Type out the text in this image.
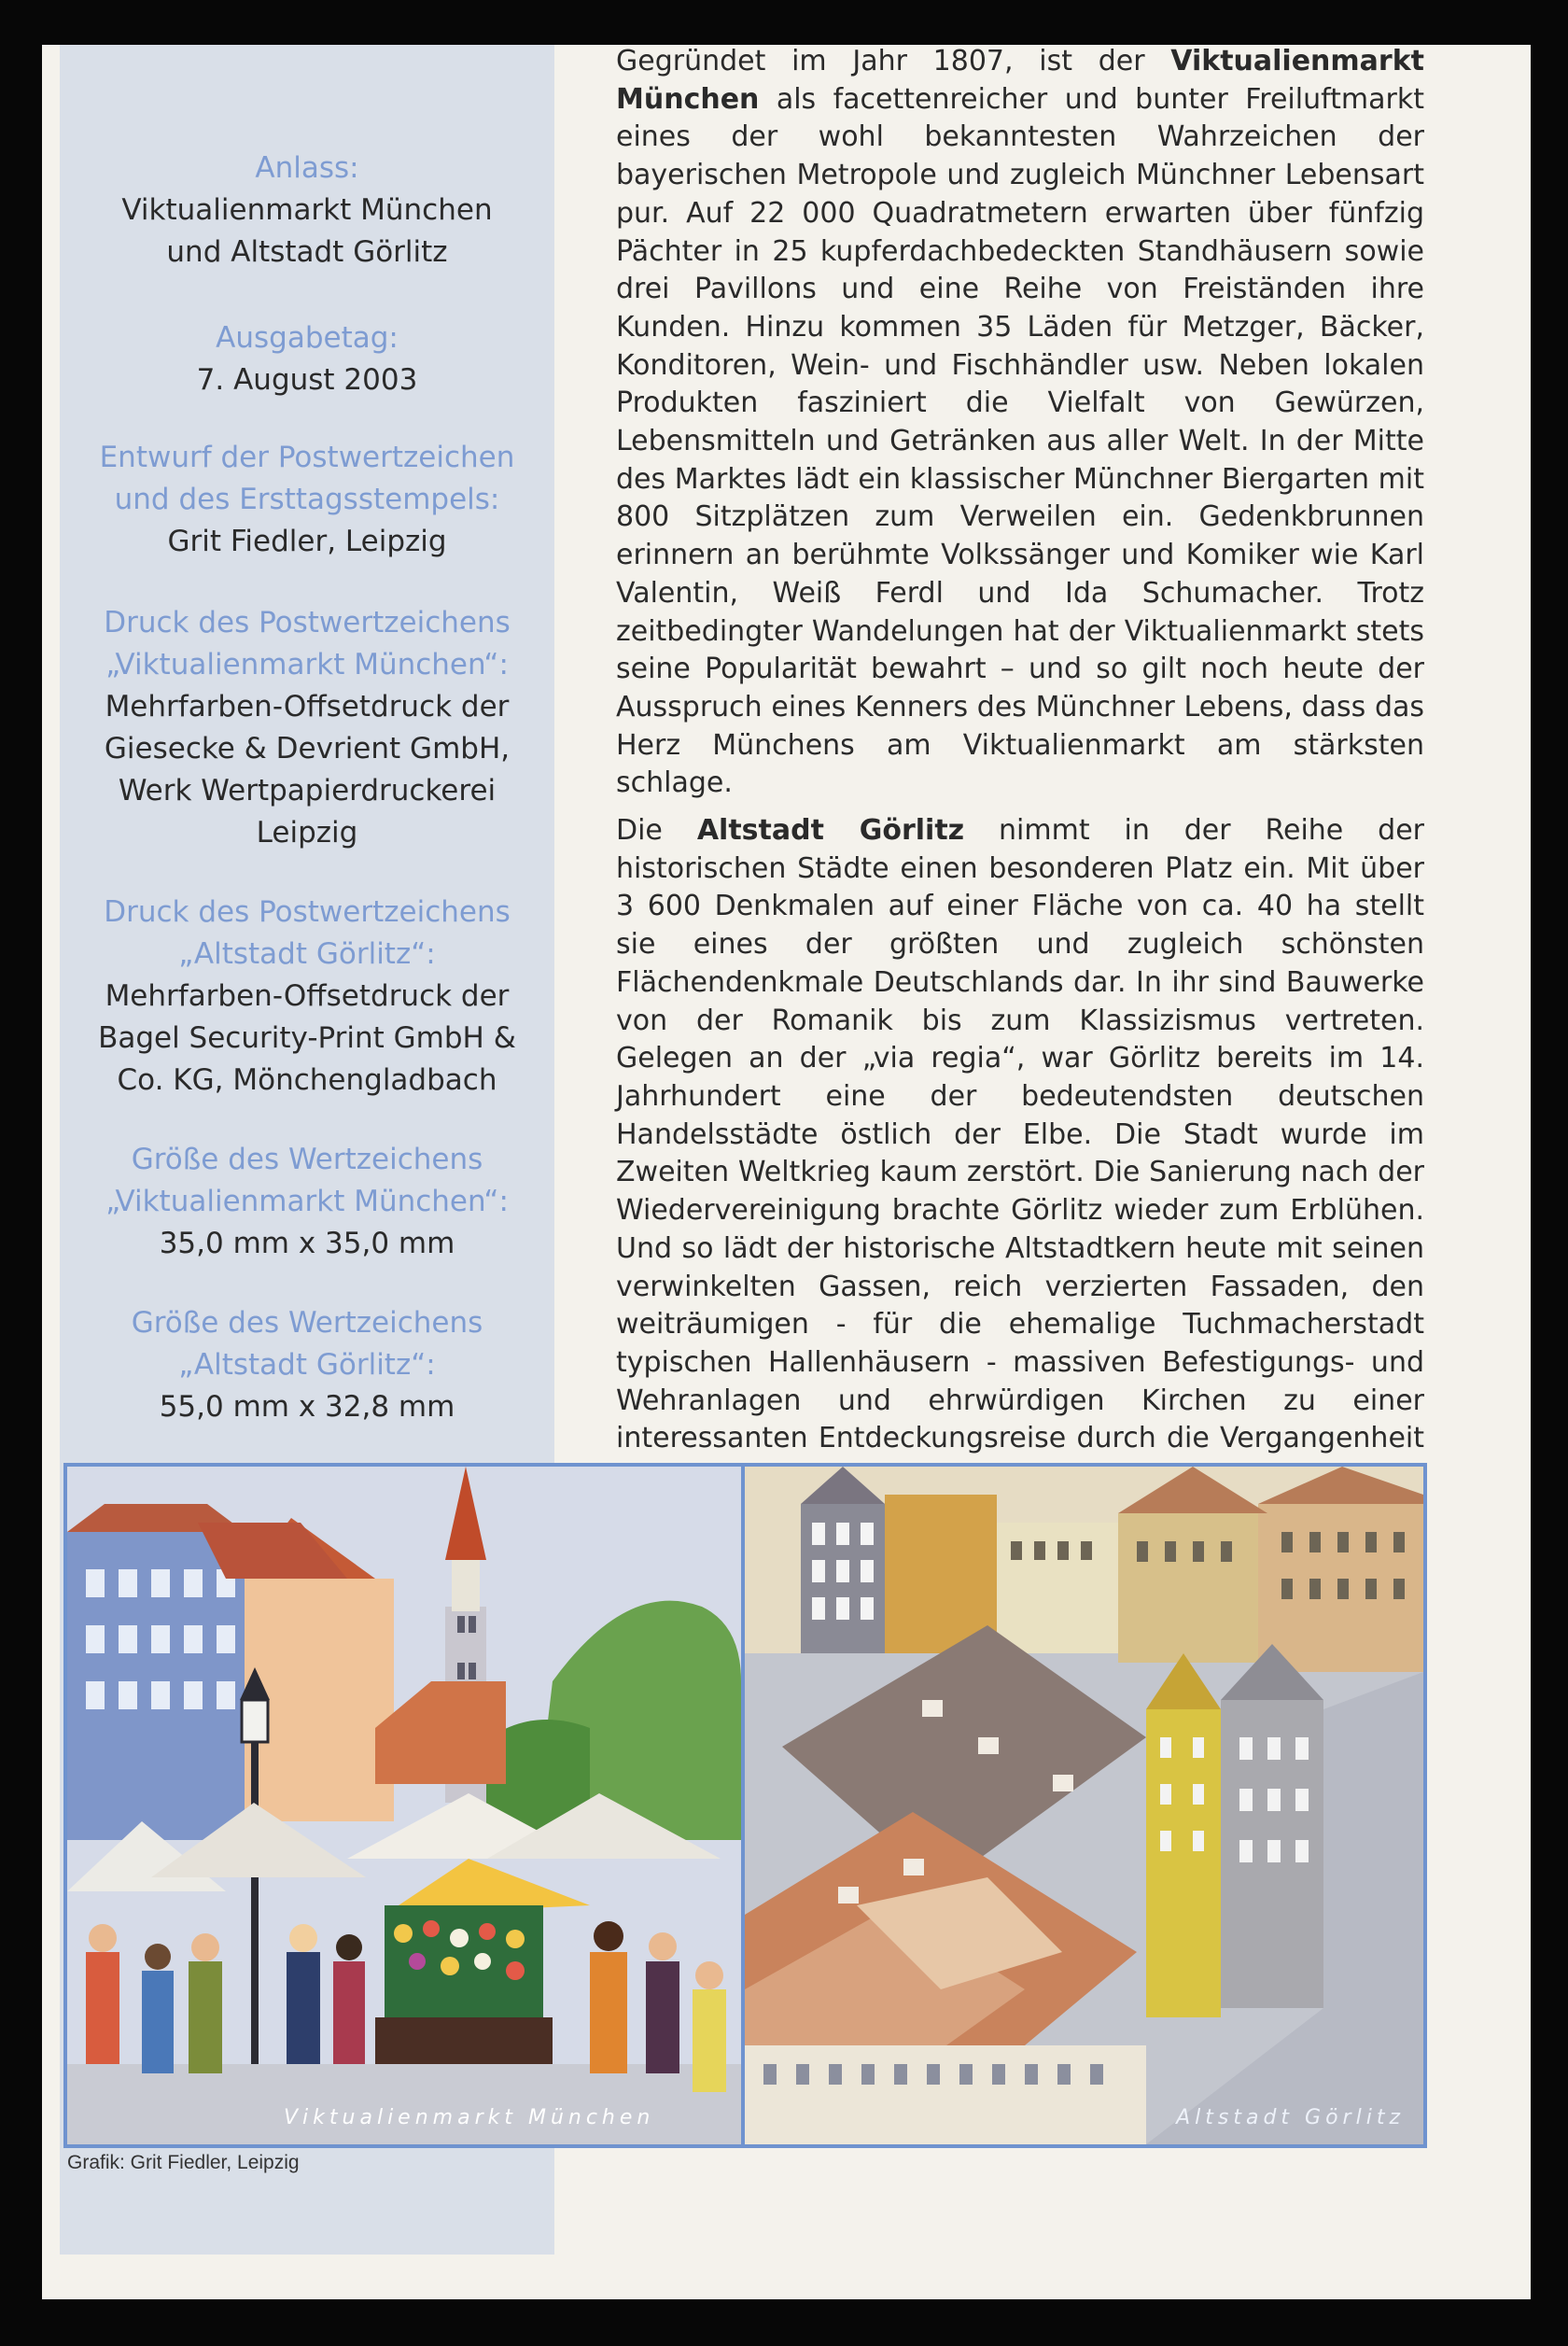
Anlass:
Viktualienmarkt München
und Altstadt Görlitz
Ausgabetag:
7. August 2003
Entwurf der Postwertzeichen
und des Ersttagsstempels:
Grit Fiedler, Leipzig
Druck des Postwertzeichens
„Viktualienmarkt München“:
Mehrfarben-Offsetdruck der
Giesecke & Devrient GmbH,
Werk Wertpapierdruckerei
Leipzig
Druck des Postwertzeichens
„Altstadt Görlitz“:
Mehrfarben-Offsetdruck der
Bagel Security-Print GmbH &
Co. KG, Mönchengladbach
Größe des Wertzeichens
„Viktualienmarkt München“:
35,0 mm x 35,0 mm
Größe des Wertzeichens
„Altstadt Görlitz“:
55,0 mm x 32,8 mm

Gegründet im Jahr 1807, ist der Viktualienmarkt München als facettenreicher und bunter Freiluftmarkt eines der wohl bekanntesten Wahrzeichen der bayerischen Metropole und zugleich Münchner Lebensart pur. Auf 22 000 Quadratmetern erwarten über fünfzig Pächter in 25 kupferdachbedeckten Standhäusern sowie drei Pavillons und eine Reihe von Freiständen ihre Kunden. Hinzu kommen 35 Läden für Metzger, Bäcker, Konditoren, Wein- und Fischhändler usw. Neben lokalen Produkten fasziniert die Vielfalt von Gewürzen, Lebensmitteln und Getränken aus aller Welt. In der Mitte des Marktes lädt ein klassischer Münchner Biergarten mit 800 Sitzplätzen zum Verweilen ein. Gedenkbrunnen erinnern an berühmte Volkssänger und Komiker wie Karl Valentin, Weiß Ferdl und Ida Schumacher. Trotz zeitbedingter Wandelungen hat der Viktualienmarkt stets seine Popularität bewahrt – und so gilt noch heute der Ausspruch eines Kenners des Münchner Lebens, dass das Herz Münchens am Viktualienmarkt am stärksten schlage.

Die Altstadt Görlitz nimmt in der Reihe der historischen Städte einen besonderen Platz ein. Mit über 3 600 Denkmalen auf einer Fläche von ca. 40 ha stellt sie eines der größten und zugleich schönsten Flächendenkmale Deutschlands dar. In ihr sind Bauwerke von der Romanik bis zum Klassizismus vertreten. Gelegen an der „via regia“, war Görlitz bereits im 14. Jahrhundert eine der bedeutendsten deutschen Handelsstädte östlich der Elbe. Die Stadt wurde im Zweiten Weltkrieg kaum zerstört. Die Sanierung nach der Wiedervereinigung brachte Görlitz wieder zum Erblühen. Und so lädt der historische Altstadtkern heute mit seinen verwinkelten Gassen, reich verzierten Fassaden, den weiträumigen - für die ehemalige Tuchmacherstadt typischen Hallenhäusern - massiven Befestigungs- und Wehranlagen und ehrwürdigen Kirchen zu einer interessanten Entdeckungsreise durch die Vergangenheit

Viktualienmarkt München	Altstadt Görlitz
Grafik: Grit Fiedler, Leipzig
